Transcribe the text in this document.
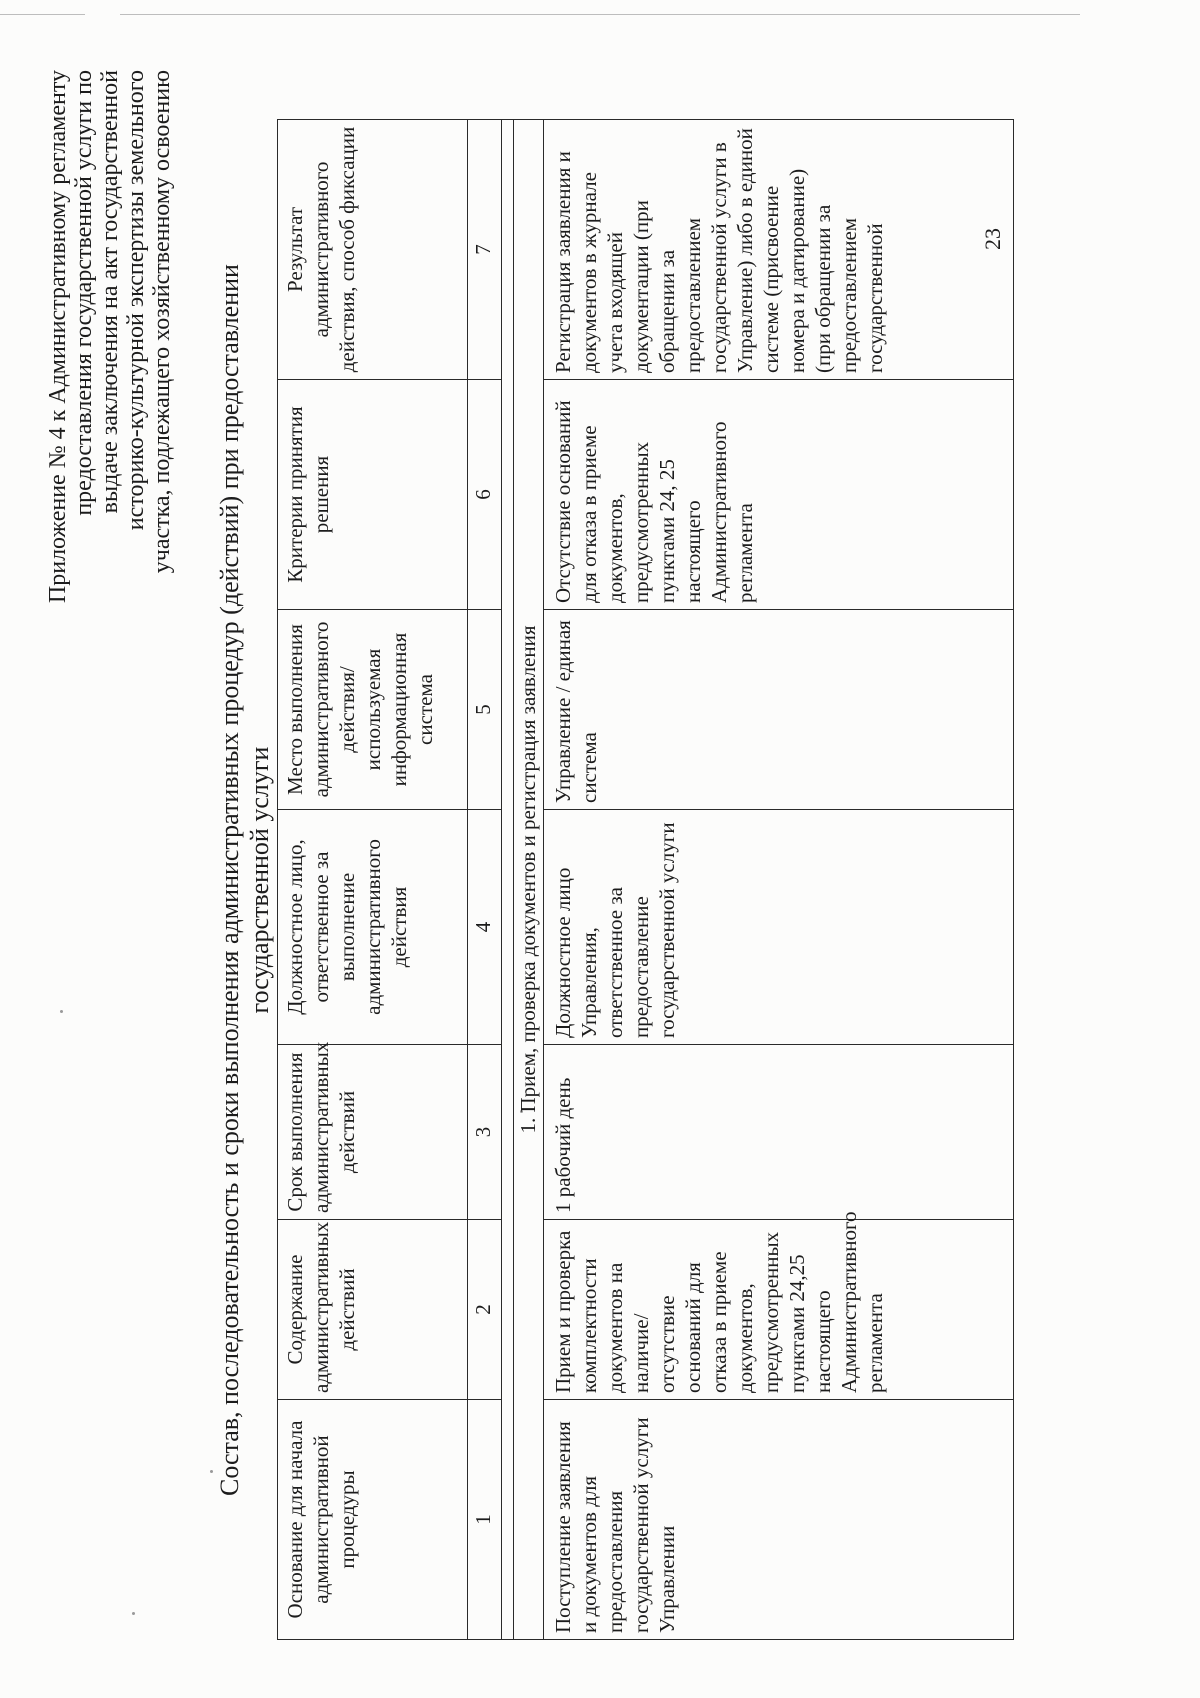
Приложение № 4 к Административному регламенту предоставления государственной услуги по выдаче заключения на акт государственной историко-культурной экспертизы земельного участка, подлежащего хозяйственному освоению Состав, последовательность и сроки выполнения административных процедур (действий) при предоставлении государственной услуги
Основание для начала административной процедуры	Содержание административных действий	Срок выполнения административных действий	Должностное лицо, ответственное за выполнение административного действия	Место выполнения административного действия/ используемая информационная система	Критерии принятия решения	Результат административного действия, способ фиксации
1	2	3	4	5	6	7

1. Прием, проверка документов и регистрация заявления						
Поступление заявления и документов для предоставления государственной услуги Управлении	Прием и проверка комплектности документов на наличие/отсутствие оснований для отказа в приеме документов, предусмотренных пунктами 24,25 настоящего Административного регламента	1 рабочий день	Должностное лицо Управления, ответственное за предоставление государственной услуги	Управление / единая система	Отсутствие оснований для отказа в приеме документов, предусмотренных пунктами 24, 25 настоящего Административного регламента	Регистрация заявления и документов в журнале учета входящей документации (при обращении за предоставлением государственной услуги в Управление) либо в единой системе (присвоение номера и датирование) (при обращении за предоставлением государственной	23
